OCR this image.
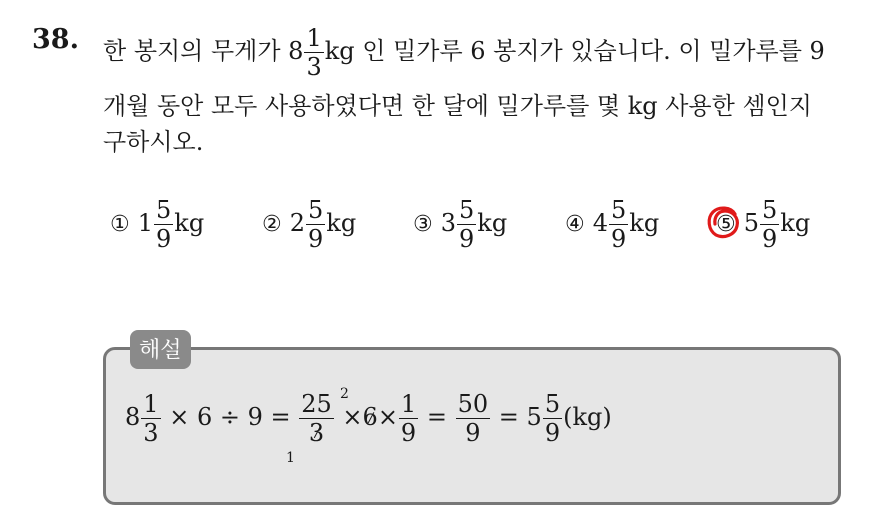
38. 한 봉지의 무게가 $8 \frac{1}{3}$ kg 인 밀가루 6 봉지가 있습니다. 이 밀가루를 9
개월 동안 모두 사용하였다면 한 달에 밀가루를 몇 kg 사용한 셈인지
구하시오.
① $1 \frac{5}{9}$ kg	② $2 \frac{5}{9}$ kg	③ $3 \frac{5}{9}$ kg	④ $4 \frac{5}{9}$ kg	⑤ $5 \frac{5}{9}$ kg
해설
$8 \frac{1}{3} \times 6 \div 9 = \frac{25}{3} \times 6\times \frac{1}{9} = \frac{50}{9} = 5 \frac{5}{9} (kg)$
2
1
